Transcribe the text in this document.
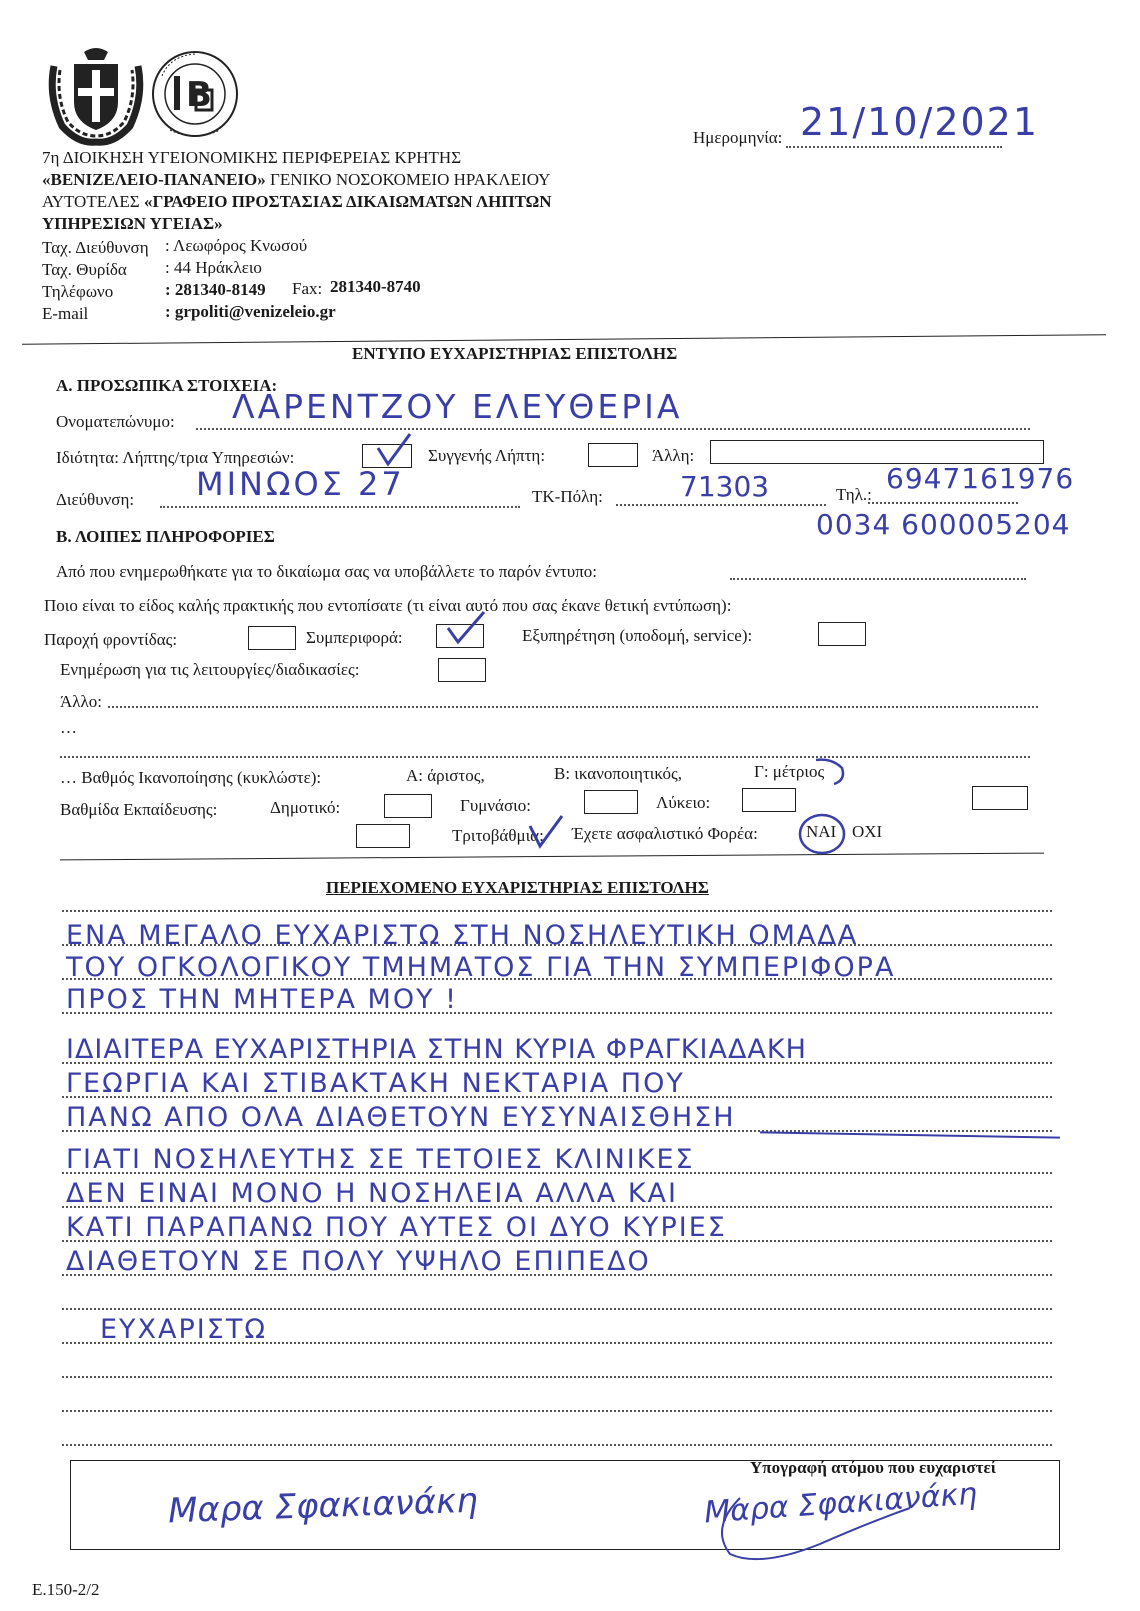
B
7η ΔΙΟΙΚΗΣΗ ΥΓΕΙΟΝΟΜΙΚΗΣ ΠΕΡΙΦΕΡΕΙΑΣ ΚΡΗΤΗΣ
«ΒΕΝΙΖΕΛΕΙΟ-ΠΑΝΑΝΕΙΟ» ΓΕΝΙΚΟ ΝΟΣΟΚΟΜΕΙΟ ΗΡΑΚΛΕΙΟΥ
ΑΥΤΟΤΕΛΕΣ «ΓΡΑΦΕΙΟ ΠΡΟΣΤΑΣΙΑΣ ΔΙΚΑΙΩΜΑΤΩΝ ΛΗΠΤΩΝ
ΥΠΗΡΕΣΙΩΝ ΥΓΕΙΑΣ»
Ταχ. Διεύθυνση : Λεωφόρος Κνωσού
Ταχ. Θυρίδα : 44 Ηράκλειο
Τηλέφωνο	: 281340-8149 Fax: 281340-8740
E-mail	: grpoliti@venizeleio.gr
Ημερομηνία: 21/10/2021
ΕΝΤΥΠΟ ΕΥΧΑΡΙΣΤΗΡΙΑΣ ΕΠΙΣΤΟΛΗΣ
Α. ΠΡΟΣΩΠΙΚΑ ΣΤΟΙΧΕΙΑ:
Ονοματεπώνυμο: ΛΑΡΕΝΤΖΟΥ ΕΛΕΥΘΕΡΙΑ
Ιδιότητα: Λήπτης/τρια Υπηρεσιών:	Συγγενής Λήπτη:	Άλλη:
Διεύθυνση: ΜΙΝΩΟΣ 27	ΤΚ-Πόλη:	71303	Τηλ.: 6947161976
0034 600005204
Β. ΛΟΙΠΕΣ ΠΛΗΡΟΦΟΡΙΕΣ
Από που ενημερωθήκατε για το δικαίωμα σας να υποβάλλετε το παρόν έντυπο:
Ποιο είναι το είδος καλής πρακτικής που εντοπίσατε (τι είναι αυτό που σας έκανε θετική εντύπωση):
Παροχή φροντίδας:	Συμπεριφορά:	Εξυπηρέτηση (υποδομή, service):
Ενημέρωση για τις λειτουργίες/διαδικασίες:
Άλλο:
…
… Βαθμός Ικανοποίησης (κυκλώστε):	Α: άριστος,	Β: ικανοποιητικός,	Γ: μέτριος
Βαθμίδα Εκπαίδευσης:	Δημοτικό:	Γυμνάσιο:	Λύκειο:
Τριτοβάθμια: Έχετε ασφαλιστικό Φορέα:	ΝΑΙ ΟΧΙ
ΠΕΡΙΕΧΟΜΕΝΟ ΕΥΧΑΡΙΣΤΗΡΙΑΣ ΕΠΙΣΤΟΛΗΣ
ΕΝΑ ΜΕΓΑΛΟ ΕΥΧΑΡΙΣΤΩ ΣΤΗ ΝΟΣΗΛΕΥΤΙΚΗ ΟΜΑΔΑ
ΤΟΥ ΟΓΚΟΛΟΓΙΚΟΥ ΤΜΗΜΑΤΟΣ ΓΙΑ ΤΗΝ ΣΥΜΠΕΡΙΦΟΡΑ
ΠΡΟΣ ΤΗΝ ΜΗΤΕΡΑ ΜΟΥ !
ΙΔΙΑΙΤΕΡΑ ΕΥΧΑΡΙΣΤΗΡΙΑ ΣΤΗΝ ΚΥΡΙΑ ΦΡΑΓΚΙΑΔΑΚΗ
ΓΕΩΡΓΙΑ ΚΑΙ ΣΤΙΒΑΚΤΑΚΗ ΝΕΚΤΑΡΙΑ ΠΟΥ
ΠΑΝΩ ΑΠΟ ΟΛΑ ΔΙΑΘΕΤΟΥΝ ΕΥΣΥΝΑΙΣΘΗΣΗ
ΓΙΑΤΙ ΝΟΣΗΛΕΥΤΗΣ ΣΕ ΤΕΤΟΙΕΣ ΚΛΙΝΙΚΕΣ
ΔΕΝ ΕΙΝΑΙ ΜΟΝΟ Η ΝΟΣΗΛΕΙΑ ΑΛΛΑ ΚΑΙ
ΚΑΤΙ ΠΑΡΑΠΑΝΩ ΠΟΥ ΑΥΤΕΣ ΟΙ ΔΥΟ ΚΥΡΙΕΣ
ΔΙΑΘΕΤΟΥΝ ΣΕ ΠΟΛΥ ΥΨΗΛΟ ΕΠΙΠΕΔΟ
ΕΥΧΑΡΙΣΤΩ
Υπογραφή ατόμου που ευχαριστεί
Μαρα Σφακιανάκη	Μαρα Σφακιανάκη
Ε.150-2/2
